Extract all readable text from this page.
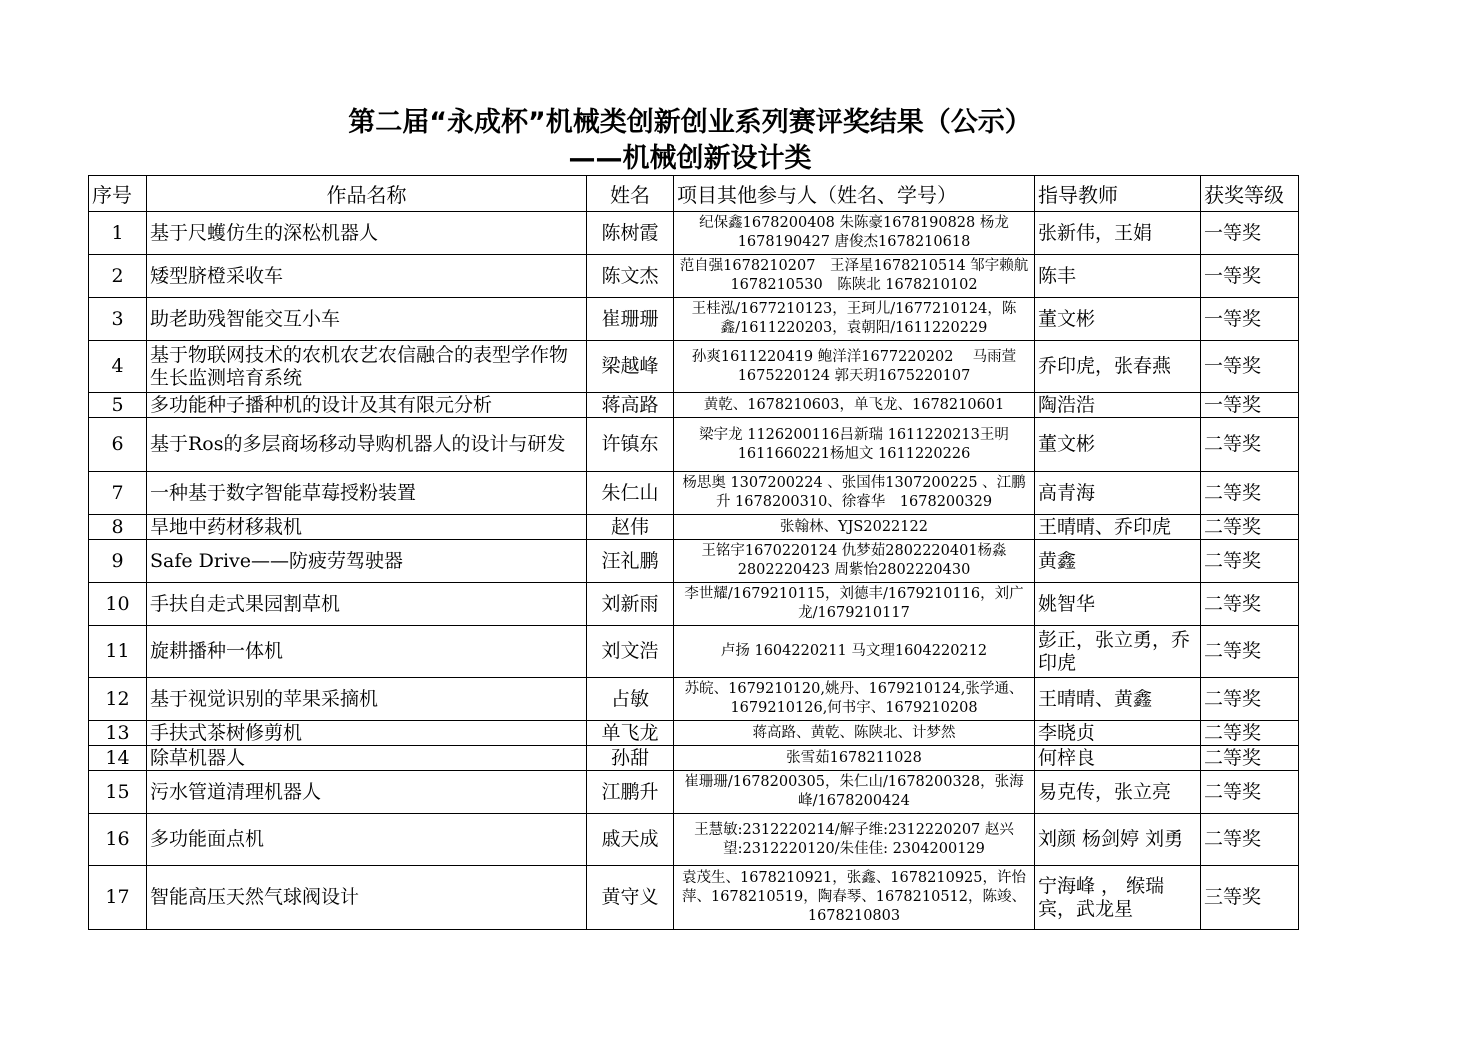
第二届“永成杯”机械类创新创业系列赛评奖结果（公示）
——机械创新设计类
序号	作品名称	姓名	项目其他参与人（姓名、学号）	指导教师	获奖等级
1	基于尺蠖仿生的深松机器人	陈树霞	纪保鑫1678200408 朱陈豪1678190828 杨龙1678190427 唐俊杰1678210618	张新伟，王娟	一等奖
2	矮型脐橙采收车	陈文杰	范自强1678210207　王泽星1678210514 邹宇赖航 1678210530　陈陕北 1678210102	陈丰	一等奖
3	助老助残智能交互小车	崔珊珊	王桂泓/1677210123，王珂儿/1677210124，陈鑫/1611220203，袁朝阳/1611220229	董文彬	一等奖
4	基于物联网技术的农机农艺农信融合的表型学作物生长监测培育系统	梁越峰	孙爽1611220419 鲍洋洋1677220202　 马雨萱1675220124 郭天玥1675220107	乔印虎，张春燕	一等奖
5	多功能种子播种机的设计及其有限元分析	蒋高路	黄乾、1678210603，单飞龙、1678210601	陶浩浩	一等奖
6	基于Ros的多层商场移动导购机器人的设计与研发	许镇东	梁宇龙 1126200116吕新瑞 1611220213王明1611660221杨旭文 1611220226	董文彬	二等奖
7	一种基于数字智能草莓授粉装置	朱仁山	杨思奥 1307200224 、张国伟1307200225 、江鹏升 1678200310、徐睿华　1678200329	高青海	二等奖
8	旱地中药材移栽机	赵伟	张翰林、YJS2022122	王晴晴、乔印虎	二等奖
9	Safe Drive——防疲劳驾驶器	汪礼鹏	王铭宇1670220124 仇梦茹2802220401杨淼2802220423 周紫怡2802220430	黄鑫	二等奖
10	手扶自走式果园割草机	刘新雨	李世耀/1679210115，刘德丰/1679210116，刘广龙/1679210117	姚智华	二等奖
11	旋耕播种一体机	刘文浩	卢扬 1604220211 马文理1604220212	彭正，张立勇，乔印虎	二等奖
12	基于视觉识别的苹果采摘机	占敏	苏皖、1679210120,姚丹、1679210124,张学通、1679210126,何书宇、1679210208	王晴晴、黄鑫	二等奖
13	手扶式茶树修剪机	单飞龙	蒋高路、黄乾、陈陕北、计梦然	李晓贞	二等奖
14	除草机器人	孙甜	张雪茹1678211028	何梓良	二等奖
15	污水管道清理机器人	江鹏升	崔珊珊/1678200305，朱仁山/1678200328，张海峰/1678200424	易克传，张立亮	二等奖
16	多功能面点机	戚天成	王慧敏:2312220214/解子维:2312220207 赵兴望:2312220120/朱佳佳: 2304200129	刘颜 杨剑婷 刘勇	二等奖
17	智能高压天然气球阀设计	黄守义	袁茂生、1678210921，张鑫、1678210925，许怡萍、1678210519，陶春琴、1678210512，陈竣、1678210803	宁海峰 ， 缑瑞宾，武龙星	三等奖
